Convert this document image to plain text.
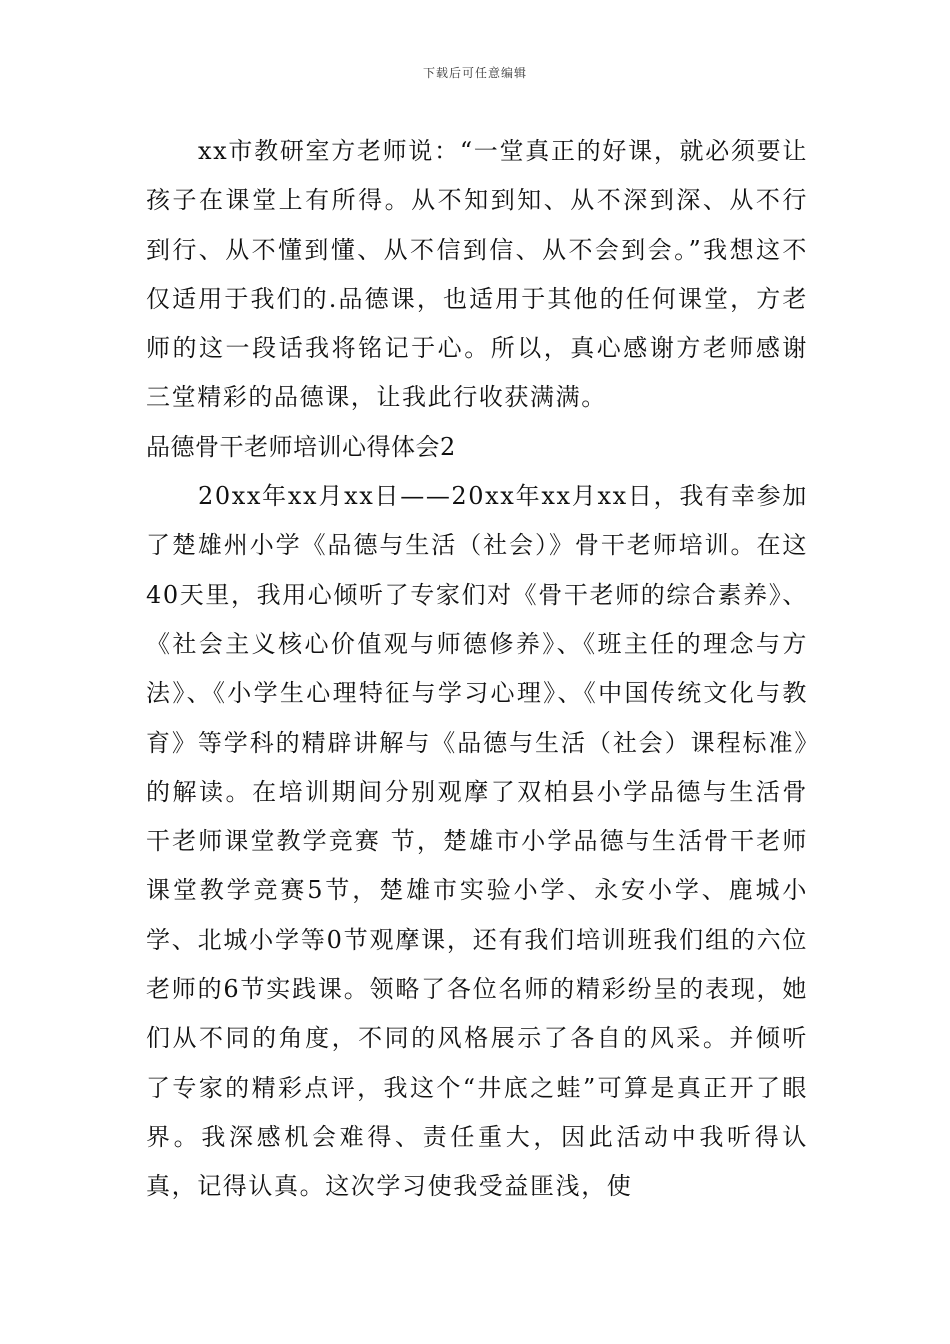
下载后可任意编辑

xx市教研室方老师说：“一堂真正的好课，就必须要让孩子在课堂上有所得。从不知到知、从不深到深、从不行到行、从不懂到懂、从不信到信、从不会到会。”我想这不仅适用于我们的.品德课，也适用于其他的任何课堂，方老师的这一段话我将铭记于心。所以，真心感谢方老师感谢三堂精彩的品德课，让我此行收获满满。

品德骨干老师培训心得体会2

20xx年xx月xx日——20xx年xx月xx日，我有幸参加了楚雄州小学《品德与生活（社会）》骨干老师培训。在这40天里，我用心倾听了专家们对《骨干老师的综合素养》、《社会主义核心价值观与师德修养》、《班主任的理念与方法》、《小学生心理特征与学习心理》、《中国传统文化与教育》等学科的精辟讲解与《品德与生活（社会）课程标准》的解读。在培训期间分别观摩了双柏县小学品德与生活骨干老师课堂教学竞赛 节，楚雄市小学品德与生活骨干老师课堂教学竞赛5节，楚雄市实验小学、永安小学、鹿城小学、北城小学等0节观摩课，还有我们培训班我们组的六位老师的6节实践课。领略了各位名师的精彩纷呈的表现，她们从不同的角度，不同的风格展示了各自的风采。并倾听了专家的精彩点评，我这个“井底之蛙”可算是真正开了眼界。我深感机会难得、责任重大，因此活动中我听得认真，记得认真。这次学习使我受益匪浅，使
